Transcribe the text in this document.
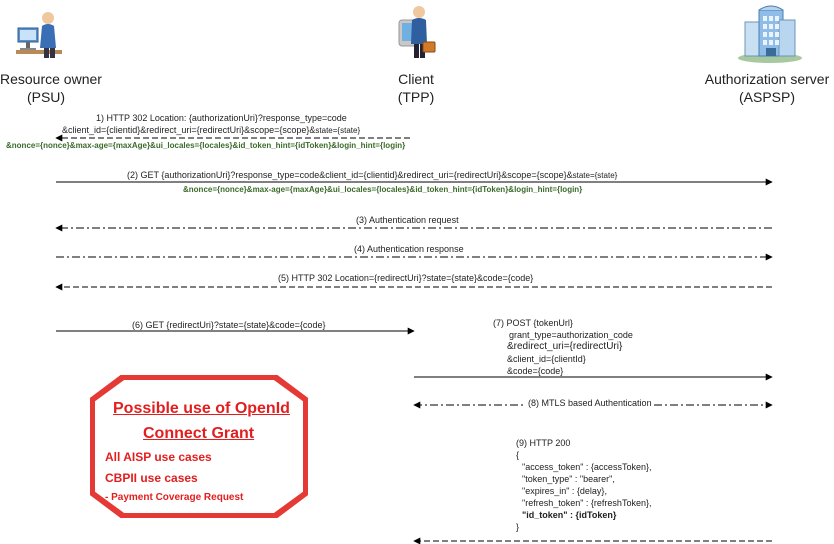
Resource owner
(PSU)
Client
(TPP)
Authorization server
(ASPSP)
1) HTTP 302 Location: {authorizationUri}?response_type=code
&client_id={clientid}&redirect_uri={redirectUri}&scope={scope}&state={state}
&nonce={nonce}&max-age={maxAge}&ui_locales={locales}&id_token_hint={idToken}&login_hint={login}
(2) GET {authorizationUri}?response_type=code&client_id={clientid}&redirect_uri={redirectUri}&scope={scope}&state={state}
&nonce={nonce}&max-age={maxAge}&ui_locales={locales}&id_token_hint={idToken}&login_hint={login}
(3) Authentication request
(4) Authentication response
(5) HTTP 302 Location={redirectUri}?state={state}&code={code}
(6) GET {redirectUri}?state={state}&code={code}	(7) POST {tokenUrl}
grant_type=authorization_code
&redirect_uri={redirectUri}
&client_id={clientId}
&code={code}
(8) MTLS based Authentication
(9) HTTP 200
{
"access_token" : {accessToken},
"token_type" : "bearer",
"expires_in" : {delay},
"refresh_token" : {refreshToken},
"id_token" : {idToken}
}
Possible use of OpenId
Connect Grant
All AISP use cases
CBPII use cases
- Payment Coverage Request
